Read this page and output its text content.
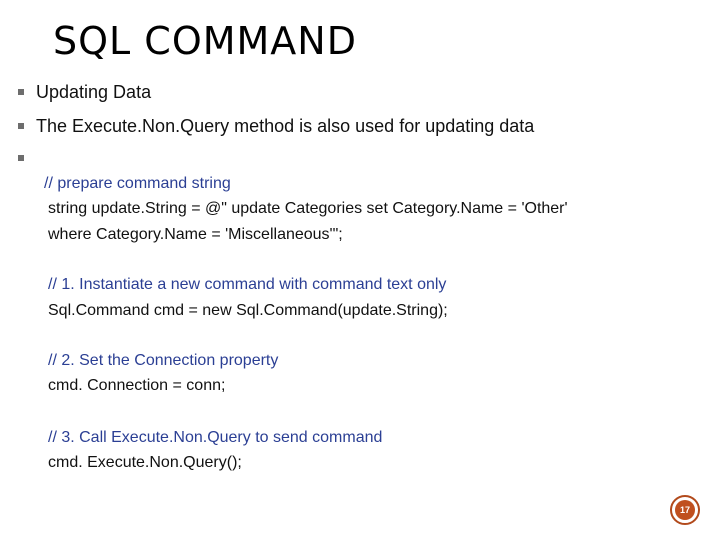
SQL COMMAND
Updating Data
The Execute.Non.Query method is also used for updating data
// prepare command string
string update.String = @" update Categories set Category.Name = 'Other'
where Category.Name = 'Miscellaneous'";
// 1. Instantiate a new command with command text only
Sql.Command cmd = new Sql.Command(update.String);
// 2. Set the Connection property
cmd. Connection = conn;
// 3. Call Execute.Non.Query to send command
cmd. Execute.Non.Query();
17
